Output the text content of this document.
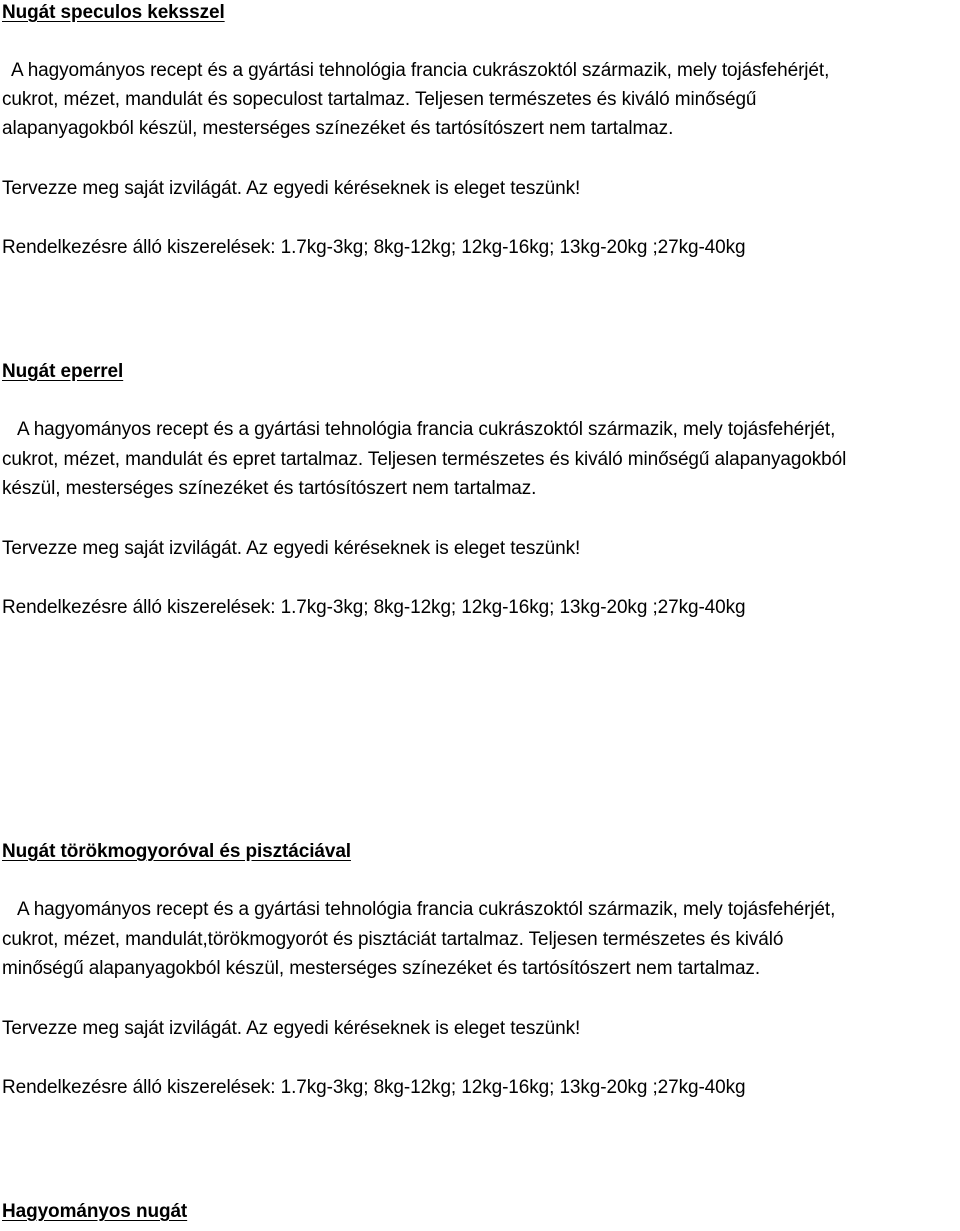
Nugát speculos keksszel
A hagyományos recept és a gyártási tehnológia francia cukrászoktól származik, mely tojásfehérjét,
cukrot, mézet, mandulát és sopeculost tartalmaz. Teljesen természetes és kiváló minőségű
alapanyagokból készül, mesterséges színezéket és tartósítószert nem tartalmaz.
Tervezze meg saját izvilágát. Az egyedi kéréseknek is eleget teszünk!
Rendelkezésre álló kiszerelések: 1.7kg-3kg; 8kg-12kg; 12kg-16kg; 13kg-20kg ;27kg-40kg
Nugát eperrel
A hagyományos recept és a gyártási tehnológia francia cukrászoktól származik, mely tojásfehérjét,
cukrot, mézet, mandulát és epret tartalmaz. Teljesen természetes és kiváló minőségű alapanyagokból
készül, mesterséges színezéket és tartósítószert nem tartalmaz.
Tervezze meg saját izvilágát. Az egyedi kéréseknek is eleget teszünk!
Rendelkezésre álló kiszerelések: 1.7kg-3kg; 8kg-12kg; 12kg-16kg; 13kg-20kg ;27kg-40kg
Nugát törökmogyoróval és pisztáciával
A hagyományos recept és a gyártási tehnológia francia cukrászoktól származik, mely tojásfehérjét,
cukrot, mézet, mandulát,törökmogyorót és pisztáciát tartalmaz. Teljesen természetes és kiváló
minőségű alapanyagokból készül, mesterséges színezéket és tartósítószert nem tartalmaz.
Tervezze meg saját izvilágát. Az egyedi kéréseknek is eleget teszünk!
Rendelkezésre álló kiszerelések: 1.7kg-3kg; 8kg-12kg; 12kg-16kg; 13kg-20kg ;27kg-40kg
Hagyományos nugát
